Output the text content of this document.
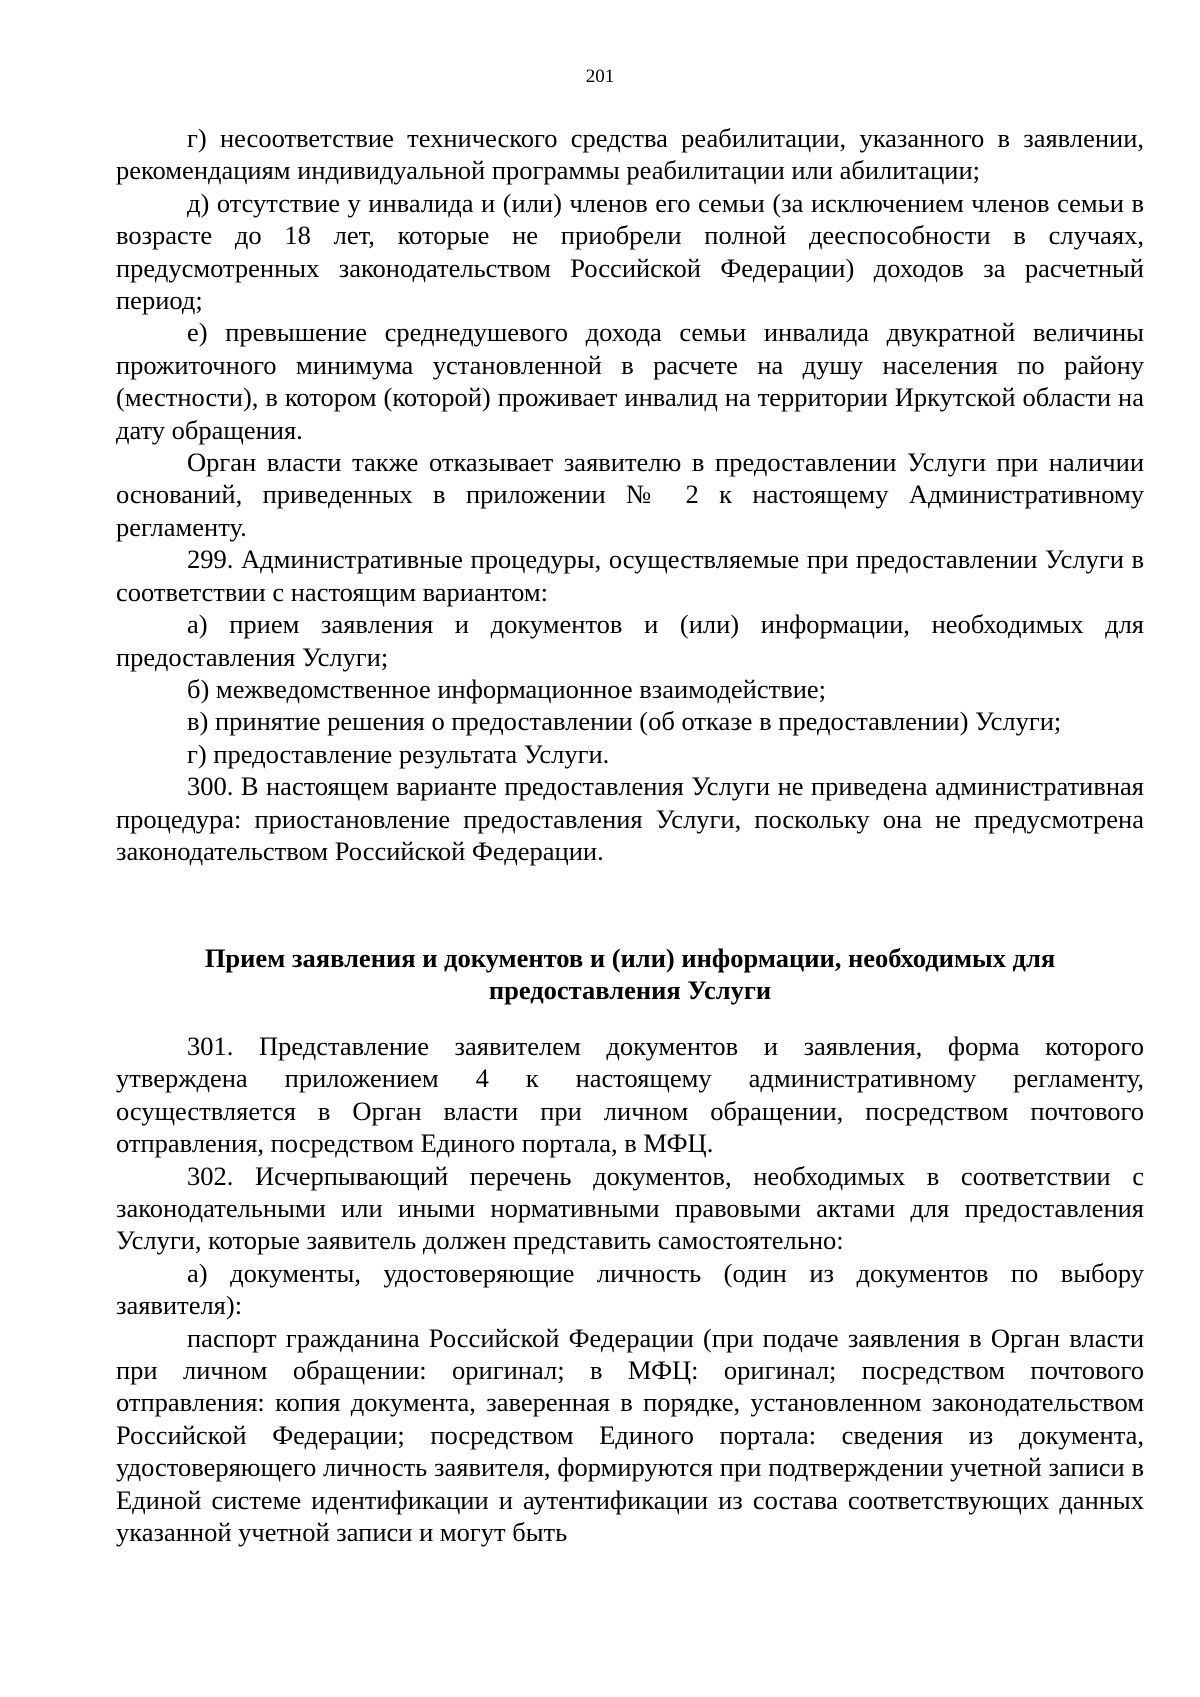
201

г) несоответствие технического средства реабилитации, указанного в заявлении, рекомендациям индивидуальной программы реабилитации или абилитации;

д) отсутствие у инвалида и (или) членов его семьи (за исключением членов семьи в возрасте до 18 лет, которые не приобрели полной дееспособности в случаях, предусмотренных законодательством Российской Федерации) доходов за расчетный период;

е) превышение среднедушевого дохода семьи инвалида двукратной величины прожиточного минимума установленной в расчете на душу населения по району (местности), в котором (которой) проживает инвалид на территории Иркутской области на дату обращения.

Орган власти также отказывает заявителю в предоставлении Услуги при наличии оснований, приведенных в приложении № 2 к настоящему Административному регламенту.

299. Административные процедуры, осуществляемые при предоставлении Услуги в соответствии с настоящим вариантом:

а) прием заявления и документов и (или) информации, необходимых для предоставления Услуги;

б) межведомственное информационное взаимодействие;

в) принятие решения о предоставлении (об отказе в предоставлении) Услуги;

г) предоставление результата Услуги.

300. В настоящем варианте предоставления Услуги не приведена административная процедура: приостановление предоставления Услуги, поскольку она не предусмотрена законодательством Российской Федерации.

Прием заявления и документов и (или) информации, необходимых для предоставления Услуги

301. Представление заявителем документов и заявления, форма которого утверждена приложением 4 к настоящему административному регламенту, осуществляется в Орган власти при личном обращении, посредством почтового отправления, посредством Единого портала, в МФЦ.

302. Исчерпывающий перечень документов, необходимых в соответствии с законодательными или иными нормативными правовыми актами для предоставления Услуги, которые заявитель должен представить самостоятельно:

а) документы, удостоверяющие личность (один из документов по выбору заявителя):

паспорт гражданина Российской Федерации (при подаче заявления в Орган власти при личном обращении: оригинал; в МФЦ: оригинал; посредством почтового отправления: копия документа, заверенная в порядке, установленном законодательством Российской Федерации; посредством Единого портала: сведения из документа, удостоверяющего личность заявителя, формируются при подтверждении учетной записи в Единой системе идентификации и аутентификации из состава соответствующих данных указанной учетной записи и могут быть
